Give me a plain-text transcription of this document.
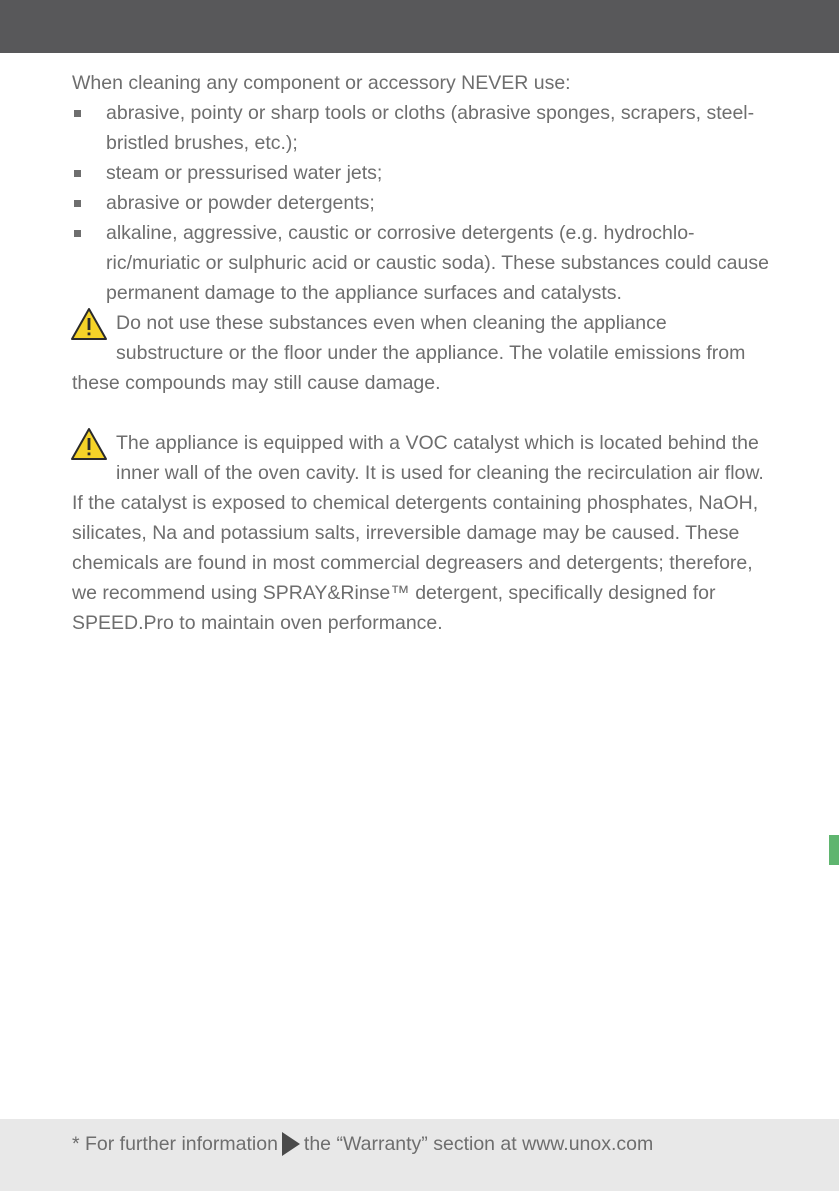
When cleaning any component or accessory NEVER use:

abrasive, pointy or sharp tools or cloths (abrasive sponges, scrapers, steel-bristled brushes, etc.);
steam or pressurised water jets;
abrasive or powder detergents;
alkaline, aggressive, caustic or corrosive detergents (e.g. hydrochlo-ric/muriatic or sulphuric acid or caustic soda). These substances could cause permanent damage to the appliance surfaces and catalysts.
Do not use these substances even when cleaning the appliance substructure or the floor under the appliance. The volatile emissions from these compounds may still cause damage.
The appliance is equipped with a VOC catalyst which is located behind the inner wall of the oven cavity. It is used for cleaning the recirculation air flow.

If the catalyst is exposed to chemical detergents containing phosphates, NaOH, silicates, Na and potassium salts, irreversible damage may be caused. These chemicals are found in most commercial degreasers and detergents; therefore, we recommend using SPRAY&Rinse™ detergent, specifically designed for SPEED.Pro to maintain oven performance.

* For further information the “Warranty” section at www.unox.com
